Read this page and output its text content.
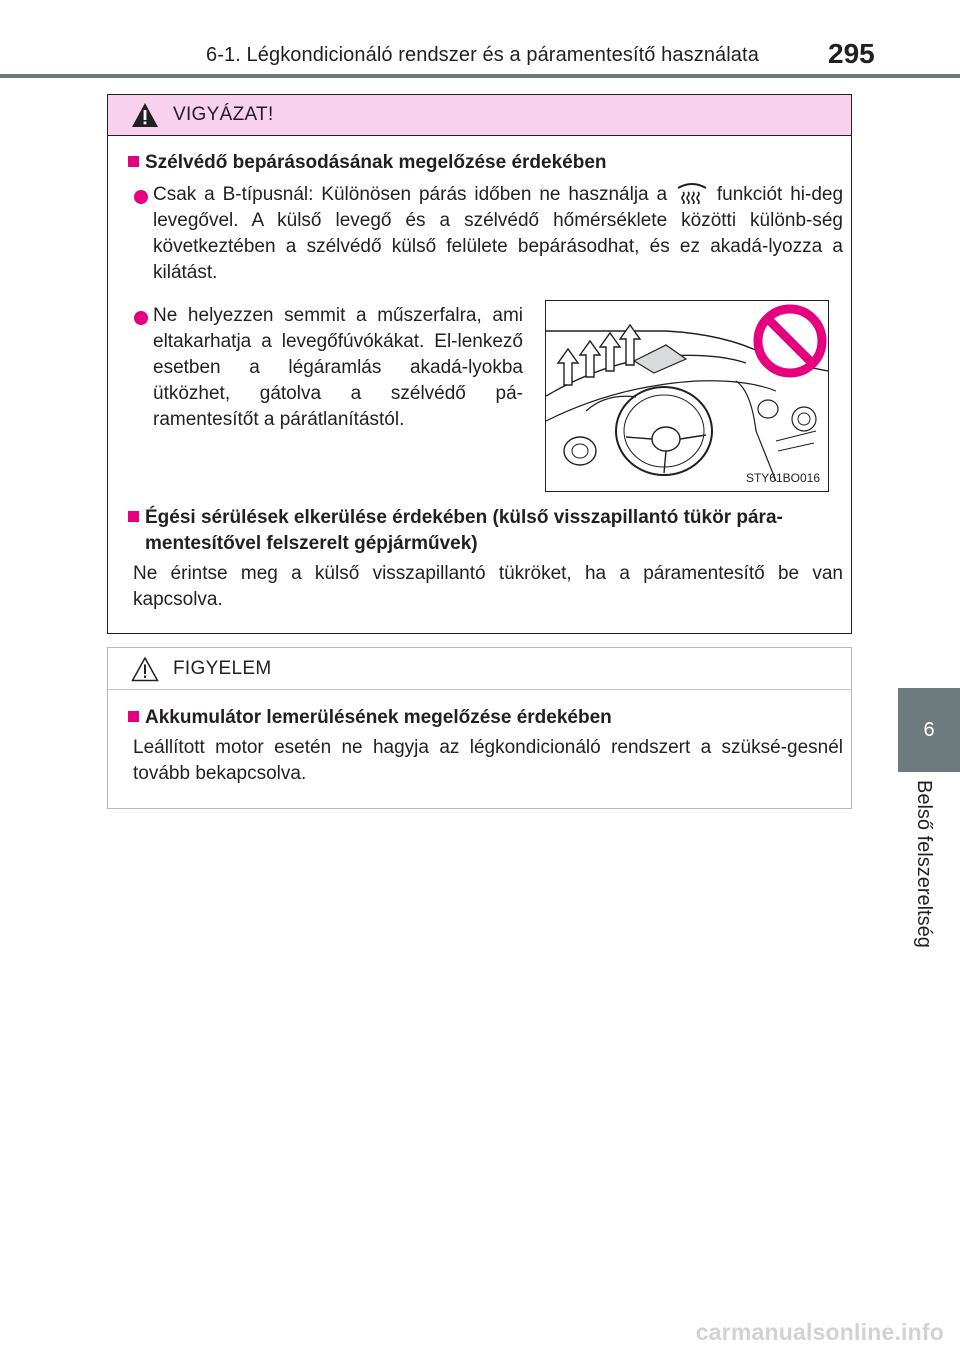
6-1. Légkondicionáló rendszer és a páramentesítő használata 295
6
Belső felszereltség
VIGYÁZAT!
Szélvédő bepárásodásának megelőzése érdekében
Csak a B-típusnál: Különösen párás időben ne használja a	funkciót hi-deg levegővel. A külső levegő és a szélvédő hőmérséklete közötti különb-ség következtében a szélvédő külső felülete bepárásodhat, és ez akadá-lyozza a kilátást.
Ne helyezzen semmit a műszerfalra, ami eltakarhatja a levegőfúvókákat. El-lenkező esetben a légáramlás akadá-lyokba ütközhet, gátolva a szélvédő pá-ramentesítőt a párátlanítástól.
STY61BO016
Égési sérülések elkerülése érdekében (külső visszapillantó tükör pára-mentesítővel felszerelt gépjárművek)
Ne érintse meg a külső visszapillantó tükröket, ha a páramentesítő be van kapcsolva.
FIGYELEM
Akkumulátor lemerülésének megelőzése érdekében
Leállított motor esetén ne hagyja az légkondicionáló rendszert a szüksé-gesnél tovább bekapcsolva.
carmanualsonline.info
